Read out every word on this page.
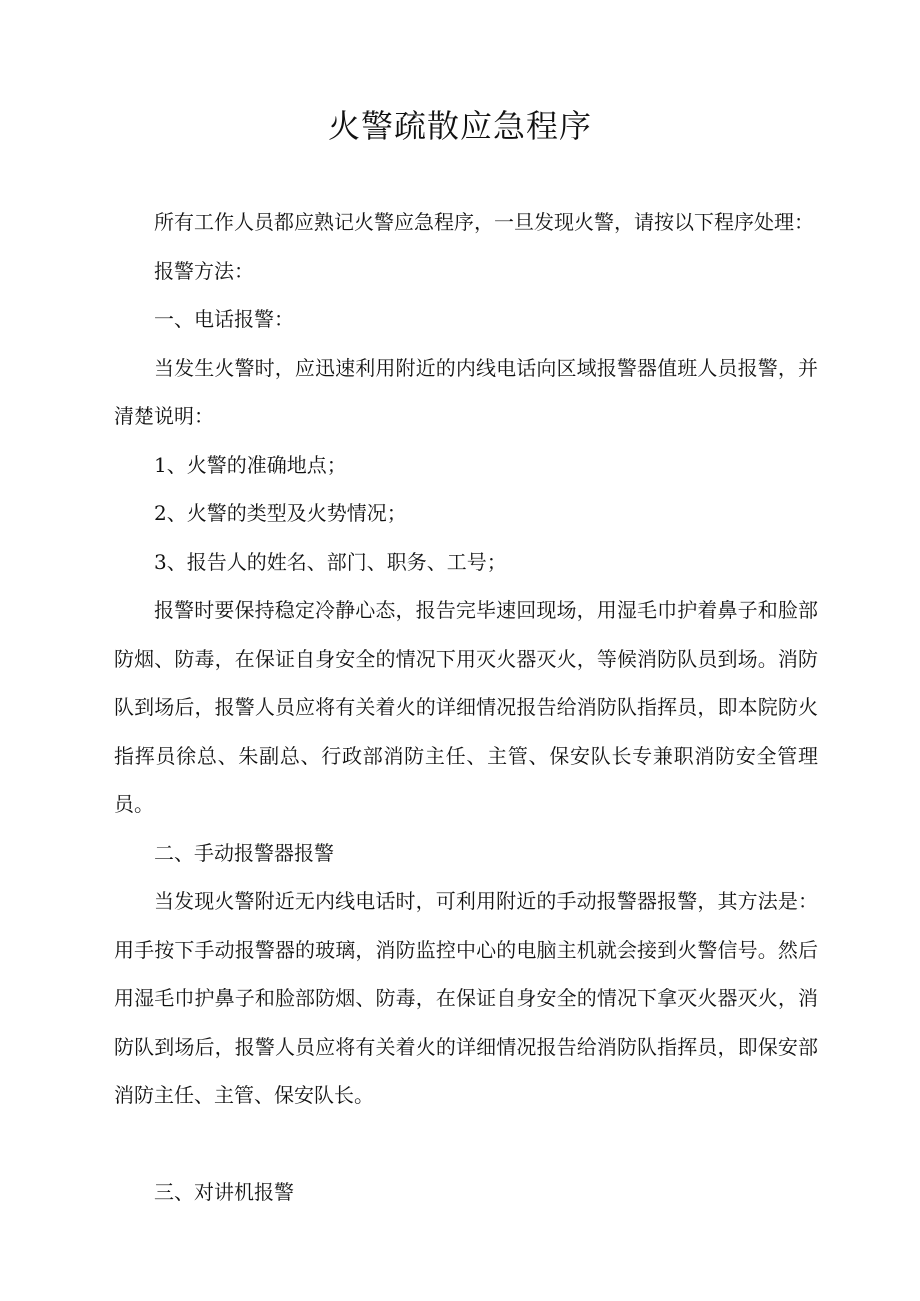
火警疏散应急程序

所有工作人员都应熟记火警应急程序，一旦发现火警，请按以下程序处理：

报警方法：

一、电话报警：

当发生火警时，应迅速利用附近的内线电话向区域报警器值班人员报警，并清楚说明：

1、火警的准确地点；

2、火警的类型及火势情况；

3、报告人的姓名、部门、职务、工号；

报警时要保持稳定冷静心态，报告完毕速回现场，用湿毛巾护着鼻子和脸部防烟、防毒，在保证自身安全的情况下用灭火器灭火，等候消防队员到场。消防队到场后，报警人员应将有关着火的详细情况报告给消防队指挥员，即本院防火指挥员徐总、朱副总、行政部消防主任、主管、保安队长专兼职消防安全管理员。

二、手动报警器报警

当发现火警附近无内线电话时，可利用附近的手动报警器报警，其方法是：用手按下手动报警器的玻璃，消防监控中心的电脑主机就会接到火警信号。然后用湿毛巾护鼻子和脸部防烟、防毒，在保证自身安全的情况下拿灭火器灭火，消防队到场后，报警人员应将有关着火的详细情况报告给消防队指挥员，即保安部消防主任、主管、保安队长。

三、对讲机报警
